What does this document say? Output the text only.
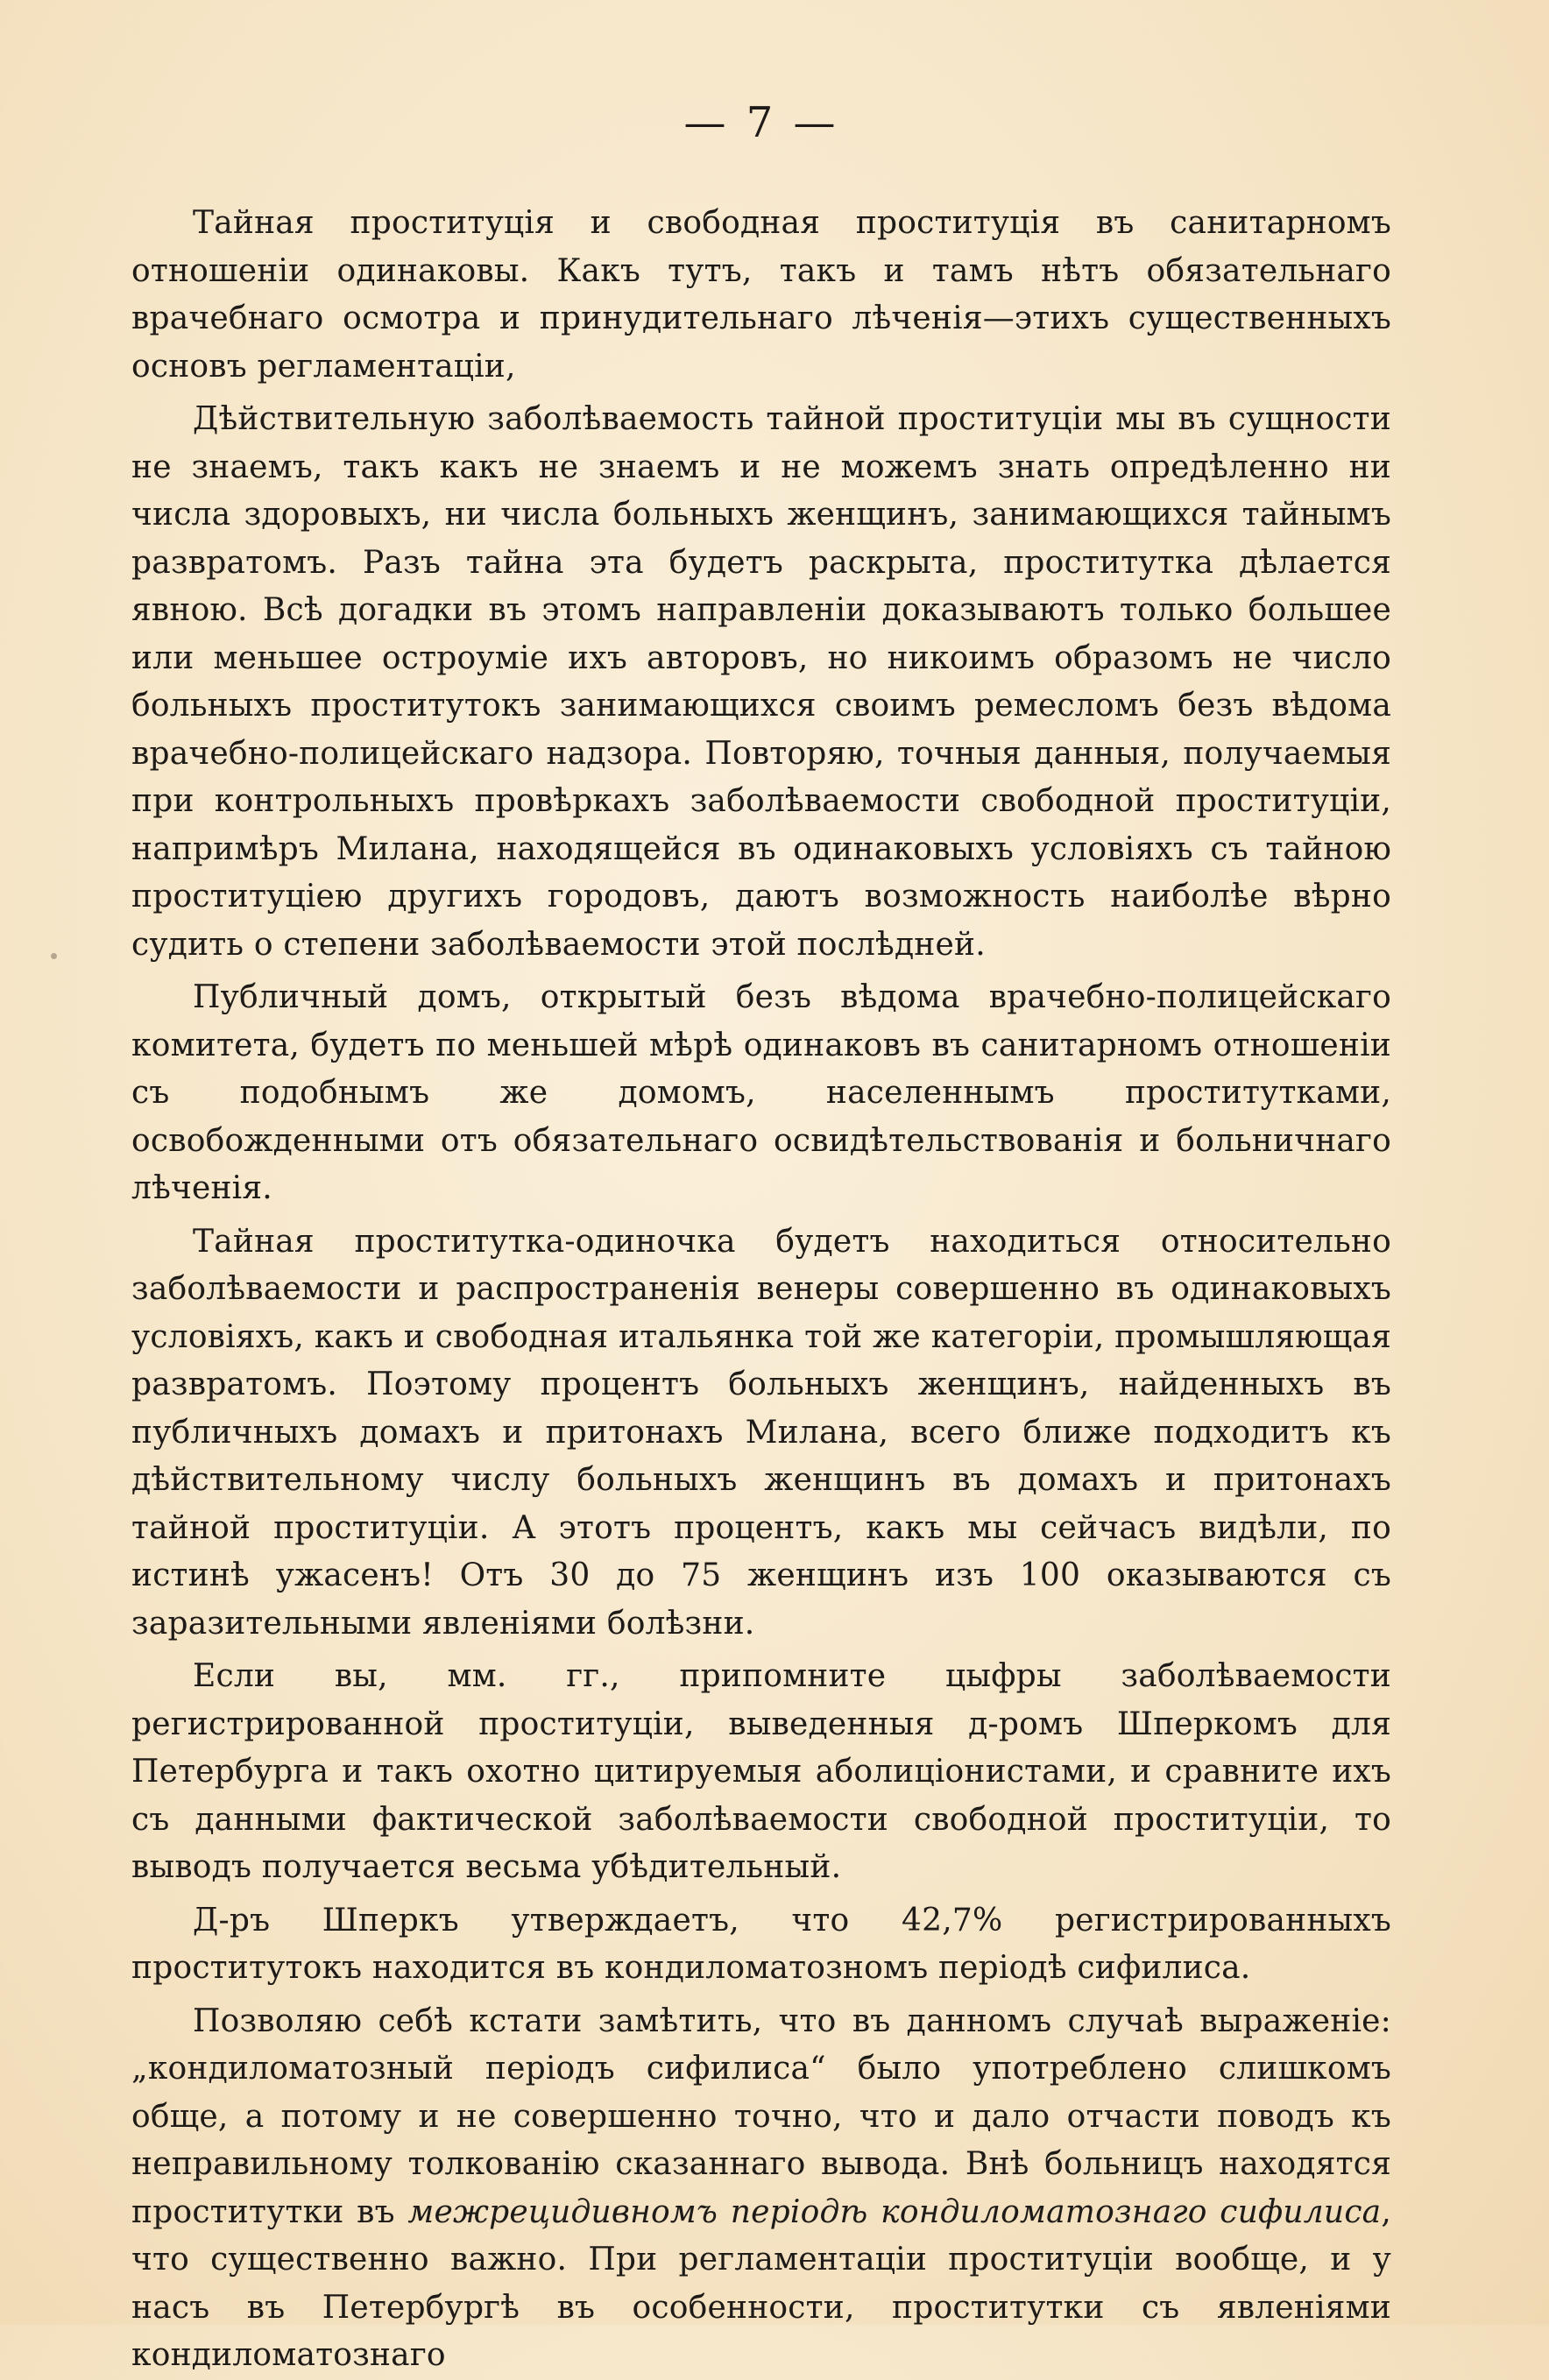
— 7 —

Тайная проституція и свободная проституція въ санитарномъ отношеніи одинаковы. Какъ тутъ, такъ и тамъ нѣтъ обязательнаго врачебнаго осмотра и принудительнаго лѣченія—этихъ существенныхъ основъ регламентаціи,

Дѣйствительную заболѣваемость тайной проституціи мы въ сущности не знаемъ, такъ какъ не знаемъ и не можемъ знать опредѣленно ни числа здоровыхъ, ни числа больныхъ женщинъ, занимающихся тайнымъ развратомъ. Разъ тайна эта будетъ раскрыта, проститутка дѣлается явною. Всѣ догадки въ этомъ направленіи доказываютъ только большее или меньшее остроуміе ихъ авторовъ, но никоимъ образомъ не число больныхъ проститутокъ занимающихся своимъ ремесломъ безъ вѣдома врачебно-полицейскаго надзора. Повторяю, точныя данныя, получаемыя при контрольныхъ провѣркахъ заболѣваемости свободной проституціи, напримѣръ Милана, находящейся въ одинаковыхъ условіяхъ съ тайною проституціею другихъ городовъ, даютъ возможность наиболѣе вѣрно судить о степени заболѣваемости этой послѣдней.

Публичный домъ, открытый безъ вѣдома врачебно-полицейскаго комитета, будетъ по меньшей мѣрѣ одинаковъ въ санитарномъ отношеніи съ подобнымъ же домомъ, населеннымъ проститутками, освобожденными отъ обязательнаго освидѣтельствованія и больничнаго лѣченія.

Тайная проститутка-одиночка будетъ находиться относительно заболѣваемости и распространенія венеры совершенно въ одинаковыхъ условіяхъ, какъ и свободная итальянка той же категоріи, промышляющая развратомъ. Поэтому процентъ больныхъ женщинъ, найденныхъ въ публичныхъ домахъ и притонахъ Милана, всего ближе подходитъ къ дѣйствительному числу больныхъ женщинъ въ домахъ и притонахъ тайной проституціи. А этотъ процентъ, какъ мы сейчасъ видѣли, по истинѣ ужасенъ! Отъ 30 до 75 женщинъ изъ 100 оказываются съ заразительными явленіями болѣзни.

Если вы, мм. гг., припомните цыфры заболѣваемости регистрированной проституціи, выведенныя д-ромъ Шперкомъ для Петербурга и такъ охотно цитируемыя аболиціонистами, и сравните ихъ съ данными фактической заболѣваемости свободной проституціи, то выводъ получается весьма убѣдительный.

Д-ръ Шперкъ утверждаетъ, что 42,7% регистрированныхъ проститутокъ находится въ кондиломатозномъ періодѣ сифилиса.

Позволяю себѣ кстати замѣтить, что въ данномъ случаѣ выраженіе: „кондиломатозный періодъ сифилиса“ было употреблено слишкомъ обще, а потому и не совершенно точно, что и дало отчасти поводъ къ неправильному толкованію сказаннаго вывода. Внѣ больницъ находятся проститутки въ межрецидивномъ періодѣ кондиломатознаго сифилиса, что существенно важно. При регламентаціи проституціи вообще, и у насъ въ Петербургѣ въ особенности, проститутки съ явленіями кондиломатознаго
